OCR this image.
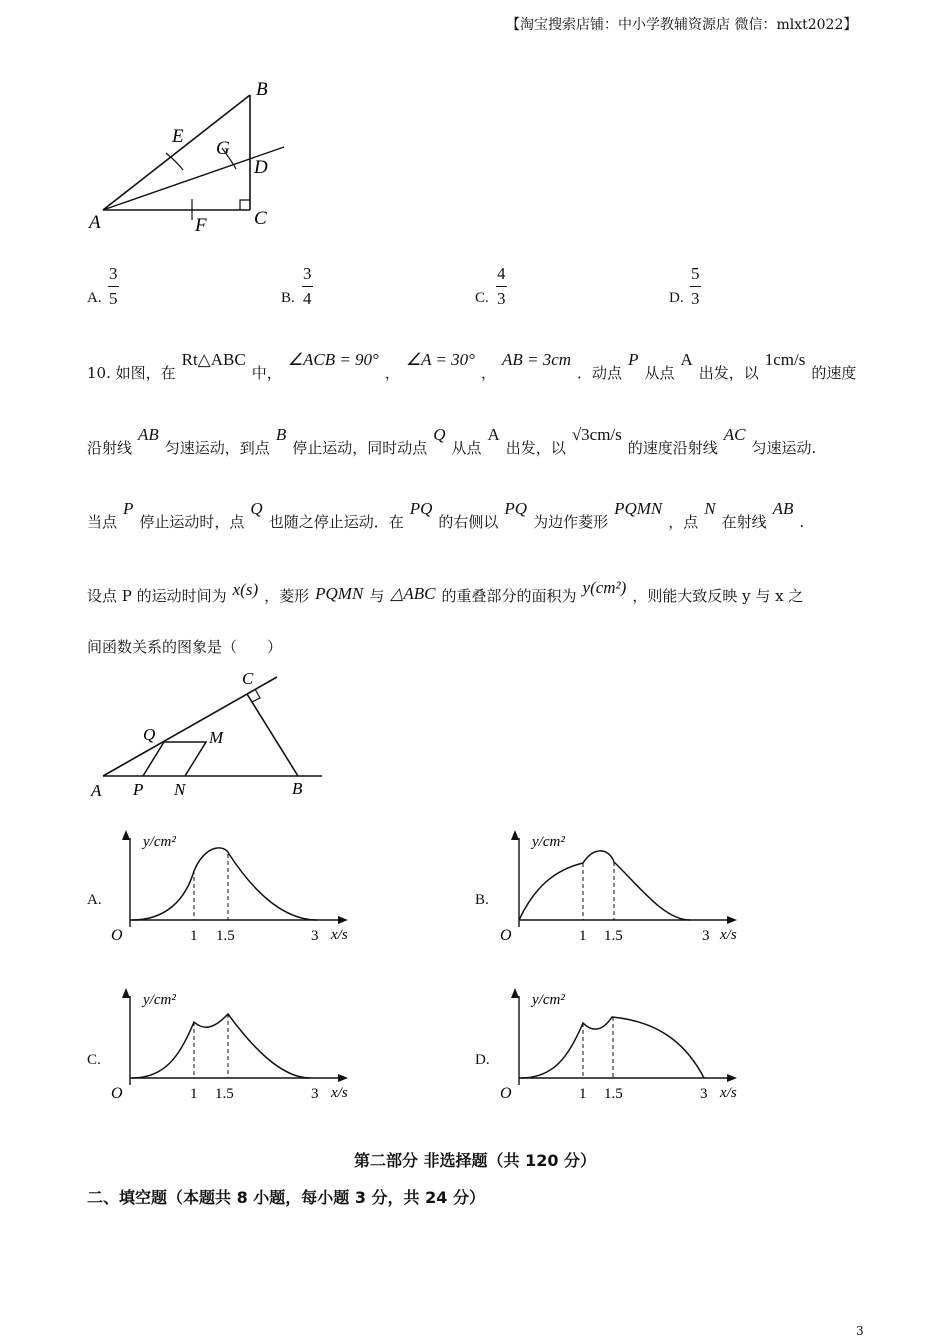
【淘宝搜索店铺：中小学教辅资源店 微信：mlxt2022】
B
E
G
D
A	F C
A. $\frac{3}{5}$	B. $\frac{3}{4}$	C. $\frac{4}{3}$	D. $\frac{5}{3}$
10. 如图，在Rt△ABC中，∠ACB = 90°，∠A = 30°，AB = 3cm．动点P从点A出发，以1cm/s的速度
沿射线AB匀速运动，到点B停止运动，同时动点Q从点A出发，以√3cm/s的速度沿射线AC匀速运动.
当点P停止运动时，点Q也随之停止运动．在PQ的右侧以PQ为边作菱形PQMN，点N在射线AB.
设点 P 的运动时间为 x(s) ，菱形 PQMN 与 △ABC 的重叠部分的面积为 y(cm²) ，则能大致反映 y 与 x 之
间函数关系的图象是（　　）
C
Q	M
A P N	B
A.
y/cm²
x/s
O	1 1.5	3
B.
y/cm²
x/s
O	1 1.5	3
C.
y/cm²
x/s
O	1 1.5	3
D.
y/cm²
x/s
O	1 1.5	3
第二部分 非选择题（共 120 分）
二、填空题（本题共 8 小题，每小题 3 分，共 24 分）
3
